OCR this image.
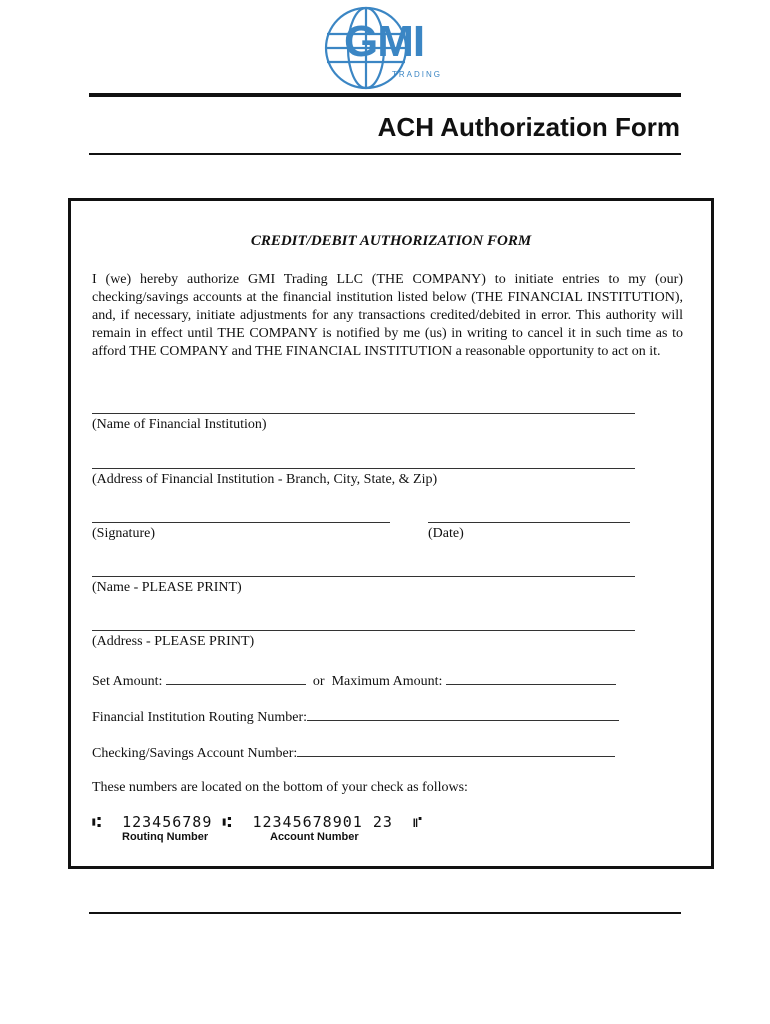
GMI
TRADING
ACH Authorization Form
CREDIT/DEBIT AUTHORIZATION FORM

I (we) hereby authorize GMI Trading LLC (THE COMPANY) to initiate entries to my (our) checking/savings accounts at the financial institution listed below (THE FINANCIAL INSTITUTION), and, if necessary, initiate adjustments for any transactions credited/debited in error. This authority will remain in effect until THE COMPANY is notified by me (us) in writing to cancel it in such time as to afford THE COMPANY and THE FINANCIAL INSTITUTION a reasonable opportunity to act on it.

(Name of Financial Institution)
(Address of Financial Institution - Branch, City, State, & Zip)
(Signature)	(Date)
(Name - PLEASE PRINT)
(Address - PLEASE PRINT)
Set Amount:	or Maximum Amount:
Financial Institution Routing Number:
Checking/Savings Account Number:
These numbers are located on the bottom of your check as follows:
⑆ 123456789 ⑆ 12345678901 23 ⑈
Routinq Number	Account Number
